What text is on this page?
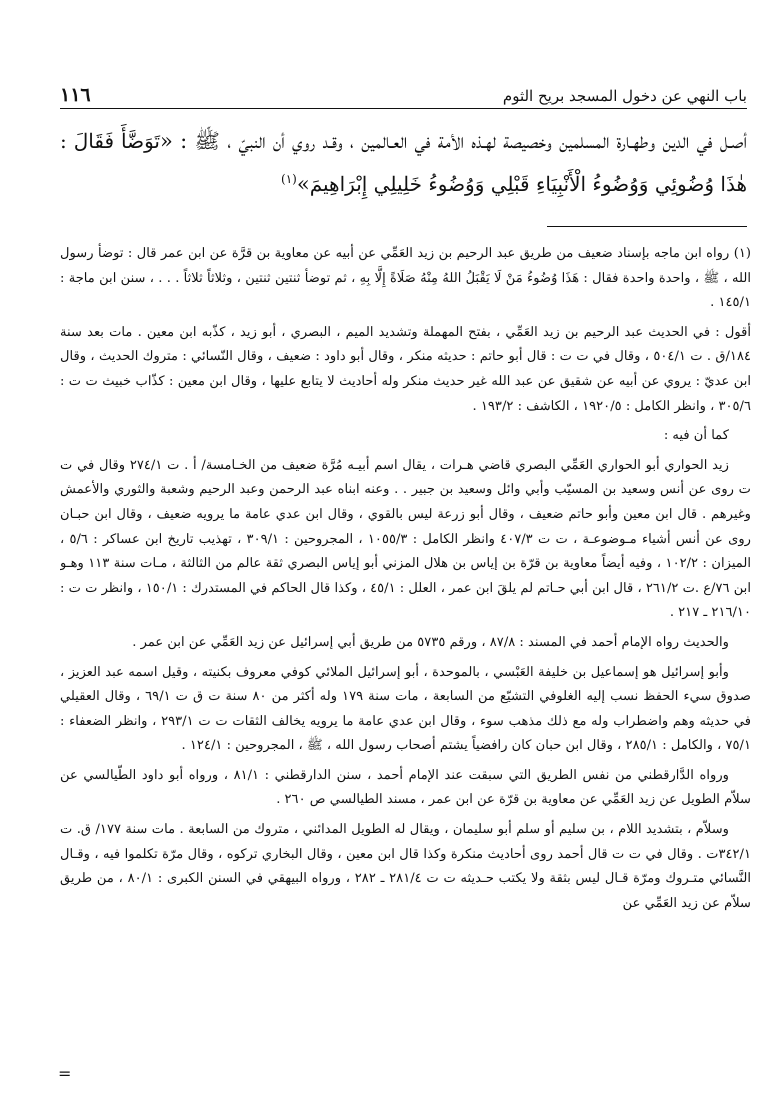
باب النهي عن دخول المسجد بريح الثوم
١١٦
أصـل في الدين وطهـارة المسلمين وخصيصة لهـذه الأمة في العـالمين ، وقـد روي أن النبيّ ، ﷺ : «تَوَضَّأَ فَقَالَ : هٰذَا وُضُوئِي وَوُضُوءُ الْأَنْبِيَاءِ قَبْلِي وَوُضُوءُ خَلِيلِي إِبْرَاهِيمَ»$^{(١)}$

(١) رواه ابن ماجه بإسناد ضعيف من طريق عبد الرحيم بن زيد العَمِّي عن أبيه عن معاوية بن قرَّة عن ابن عمر قال : توضأ رسول الله ، ﷺ ، واحدة واحدة فقال : هَذَا وُضُوءُ مَنْ لَا يَقْبَلُ اللهُ مِنْهُ صَلَاةً إِلَّا بِهِ ، ثم توضأ ثنتين ثنتين ، وثلاثاً ثلاثاً . . . ، سنن ابن ماجة : ١٤٥/١ .

أقول : في الحديث عبد الرحيم بن زيد العَمِّي ، بفتح المهملة وتشديد الميم ، البصري ، أبو زيد ، كذّبه ابن معين . مات بعد سنة ١٨٤/ق . ت ٥٠٤/١ ، وقال في ت ت : قال أبو حاتم : حديثه منكر ، وقال أبو داود : ضعيف ، وقال النّسائي : متروك الحديث ، وقال ابن عديّ : يروي عن أبيه عن شقيق عن عبد الله غير حديث منكر وله أحاديث لا يتابع عليها ، وقال ابن معين : كذّاب خبيث ت ت : ٣٠٥/٦ ، وانظر الكامل : ١٩٢٠/٥ ، الكاشف : ١٩٣/٢ .

كما أن فيه :

زيد الحواري أبو الحواري العَمِّي البصري قاضي هـرات ، يقال اسم أبيـه مُرَّة ضعيف من الخـامسة/ أ . ت ٢٧٤/١ وقال في ت ت روى عن أنس وسعيد بن المسيّب وأبي وائل وسعيد بن جبير . . وعنه ابناه عبد الرحمن وعبد الرحيم وشعبة والثوري والأعمش وغيرهم . قال ابن معين وأبو حاتم ضعيف ، وقال أبو زرعة ليس بالقوي ، وقال ابن عدي عامة ما يرويه ضعيف ، وقال ابن حبـان روى عن أنس أشياء مـوضوعـة ، ت ت ٤٠٧/٣ وانظر الكامل : ١٠٥٥/٣ ، المجروحين : ٣٠٩/١ ، تهذيب تاريخ ابن عساكر : ٥/٦ ، الميزان : ١٠٢/٢ ، وفيه أيضاً معاوية بن قرّة بن إياس بن هلال المزني أبو إياس البصري ثقة عالم من الثالثة ، مـات سنة ١١٣ وهـو ابن ٧٦/ع .ت ٢٦١/٢ ، قال ابن أبي حـاتم لم يلقَ ابن عمر ، العلل : ٤٥/١ ، وكذا قال الحاكم في المستدرك : ١٥٠/١ ، وانظر ت ت : ٢١٦/١٠ ـ ٢١٧ .

والحديث رواه الإمام أحمد في المسند : ٨٧/٨ ، ورقم ٥٧٣٥ من طريق أبي إسرائيل عن زيد العَمِّي عن ابن عمر .

وأبو إسرائيل هو إسماعيل بن خليفة العَبْسي ، بالموحدة ، أبو إسرائيل الملائي كوفي معروف بكنيته ، وقيل اسمه عبد العزيز ، صدوق سيء الحفظ نسب إليه الغلوفي التشيّع من السابعة ، مات سنة ١٧٩ وله أكثر من ٨٠ سنة ت ق ت ٦٩/١ ، وقال العقيلي في حديثه وهم واضطراب وله مع ذلك مذهب سوء ، وقال ابن عدي عامة ما يرويه يخالف الثقات ت ت ٢٩٣/١ ، وانظر الضعفاء : ٧٥/١ ، والكامل : ٢٨٥/١ ، وقال ابن حبان كان رافضياً يشتم أصحاب رسول الله ، ﷺ ، المجروحين : ١٢٤/١ .

ورواه الدَّارقطني من نفس الطريق التي سبقت عند الإمام أحمد ، سنن الدارقطني : ٨١/١ ، ورواه أبو داود الطّيالسي عن سلاّم الطويل عن زيد العَمِّي عن معاوية بن قرّة عن ابن عمر ، مسند الطيالسي ص ٢٦٠ .

وسلاّم ، بتشديد اللام ، بن سليم أو سلم أبو سليمان ، ويقال له الطويل المدائني ، متروك من السابعة . مات سنة ١٧٧/ ق. ت ٣٤٢/١ت . وقال في ت ت قال أحمد روى أحاديث منكرة وكذا قال ابن معين ، وقال البخاري تركوه ، وقال مرّة تكلموا فيه ، وقـال النَّسائي متـروك ومرّة قـال ليس بثقة ولا يكتب حـديثه ت ت ٢٨١/٤ ـ ٢٨٢ ، ورواه البيهقي في السنن الكبرى : ٨٠/١ ، من طريق سلاّم عن زيد العَمِّي عن

=
